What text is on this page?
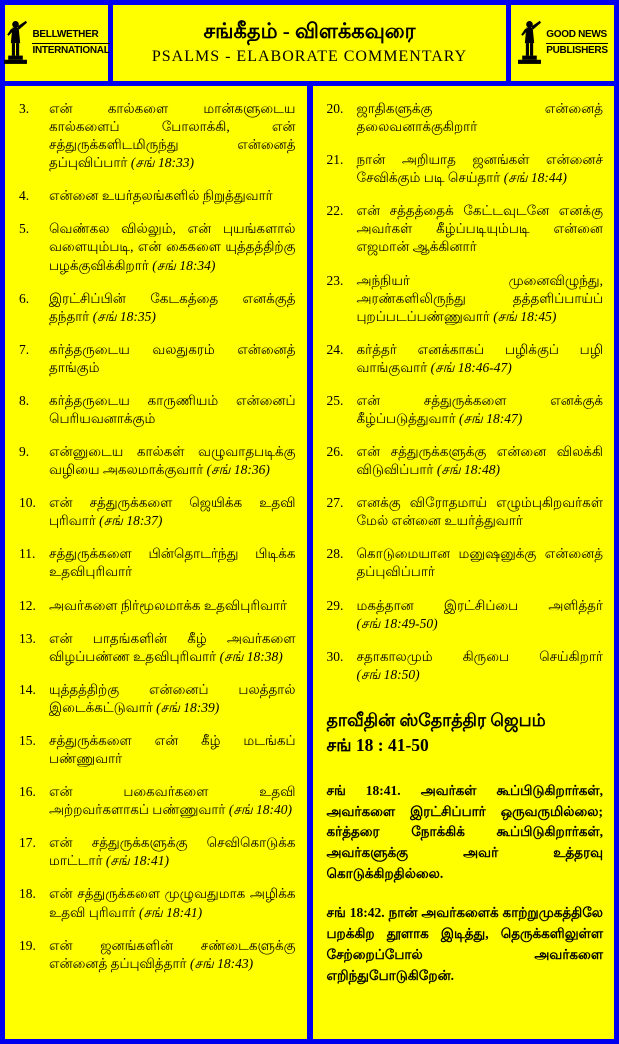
BELLWETHER
INTERNATIONAL
சங்கீதம் - விளக்கவுரை
PSALMS - ELABORATE COMMENTARY
GOOD NEWS
PUBLISHERS
3. என் கால்களை மான்களுடைய கால்களைப் போலாக்கி, என் சத்துருக்களிடமிருந்து என்னைத் தப்புவிப்பார் (சங் 18:33)
4. என்னை உயர்தலங்களில் நிறுத்துவார்
5. வெண்கல வில்லும், என் புயங்களால் வளையும்படி, என் கைகளை யுத்தத்திற்கு பழக்குவிக்கிறார் (சங் 18:34)
6. இரட்சிப்பின் கேடகத்தை எனக்குத் தந்தார் (சங் 18:35)
7. கர்த்தருடைய வலதுகரம் என்னைத் தாங்கும்
8. கர்த்தருடைய காருணியம் என்னைப் பெரியவனாக்கும்
9. என்னுடைய கால்கள் வழுவாதபடிக்கு வழியை அகலமாக்குவார் (சங் 18:36)
10. என் சத்துருக்களை ஜெயிக்க உதவி புரிவார் (சங் 18:37)
11. சத்துருக்களை பின்தொடர்ந்து பிடிக்க உதவிபுரிவார்
12. அவர்களை நிர்மூலமாக்க உதவிபுரிவார்
13. என் பாதங்களின் கீழ் அவர்களை விழப்பண்ண உதவிபுரிவார் (சங் 18:38)
14. யுத்தத்திற்கு என்னைப் பலத்தால் இடைக்கட்டுவார் (சங் 18:39)
15. சத்துருக்களை என் கீழ் மடங்கப் பண்ணுவார்
16. என் பகைவர்களை உதவி அற்றவர்களாகப் பண்ணுவார் (சங் 18:40)
17. என் சத்துருக்களுக்கு செவிகொடுக்க மாட்டார் (சங் 18:41)
18. என் சத்துருக்களை முழுவதுமாக அழிக்க உதவி புரிவார் (சங் 18:41)
19. என் ஜனங்களின் சண்டைகளுக்கு என்னைத் தப்புவித்தார் (சங் 18:43)
20. ஜாதிகளுக்கு என்னைத் தலைவனாக்குகிறார்
21. நான் அறியாத ஜனங்கள் என்னைச் சேவிக்கும் படி செய்தார் (சங் 18:44)
22. என் சத்தத்தைக் கேட்டவுடனே எனக்கு அவர்கள் கீழ்ப்படியும்படி என்னை எஜமான் ஆக்கினார்
23. அந்நியர் முனைவிழுந்து, அரண்களிலிருந்து தத்தளிப்பாய்ப் புறப்படப்பண்ணுவார் (சங் 18:45)
24. கர்த்தர் எனக்காகப் பழிக்குப் பழி வாங்குவார் (சங் 18:46-47)
25. என் சத்துருக்களை எனக்குக் கீழ்ப்படுத்துவார் (சங் 18:47)
26. என் சத்துருக்களுக்கு என்னை விலக்கி விடுவிப்பார் (சங் 18:48)
27. எனக்கு விரோதமாய் எழும்புகிறவர்கள் மேல் என்னை உயர்த்துவார்
28. கொடுமையான மனுஷனுக்கு என்னைத் தப்புவிப்பார்
29. மகத்தான இரட்சிப்பை அளித்தர் (சங் 18:49-50)
30. சதாகாலமும் கிருபை செய்கிறார் (சங் 18:50)
தாவீதின் ஸ்தோத்திர ஜெபம்
சங் 18 : 41-50
சங் 18:41. அவர்கள் கூப்பிடுகிறார்கள், அவர்களை இரட்சிப்பார் ஒருவருமில்லை; கர்த்தரை நோக்கிக் கூப்பிடுகிறார்கள், அவர்களுக்கு அவர் உத்தரவு கொடுக்கிறதில்லை.
சங் 18:42. நான் அவர்களைக் காற்றுமுகத்திலே பறக்கிற தூளாக இடித்து, தெருக்களிலுள்ள சேற்றைப்போல் அவர்களை எறிந்துபோடுகிறேன்.
